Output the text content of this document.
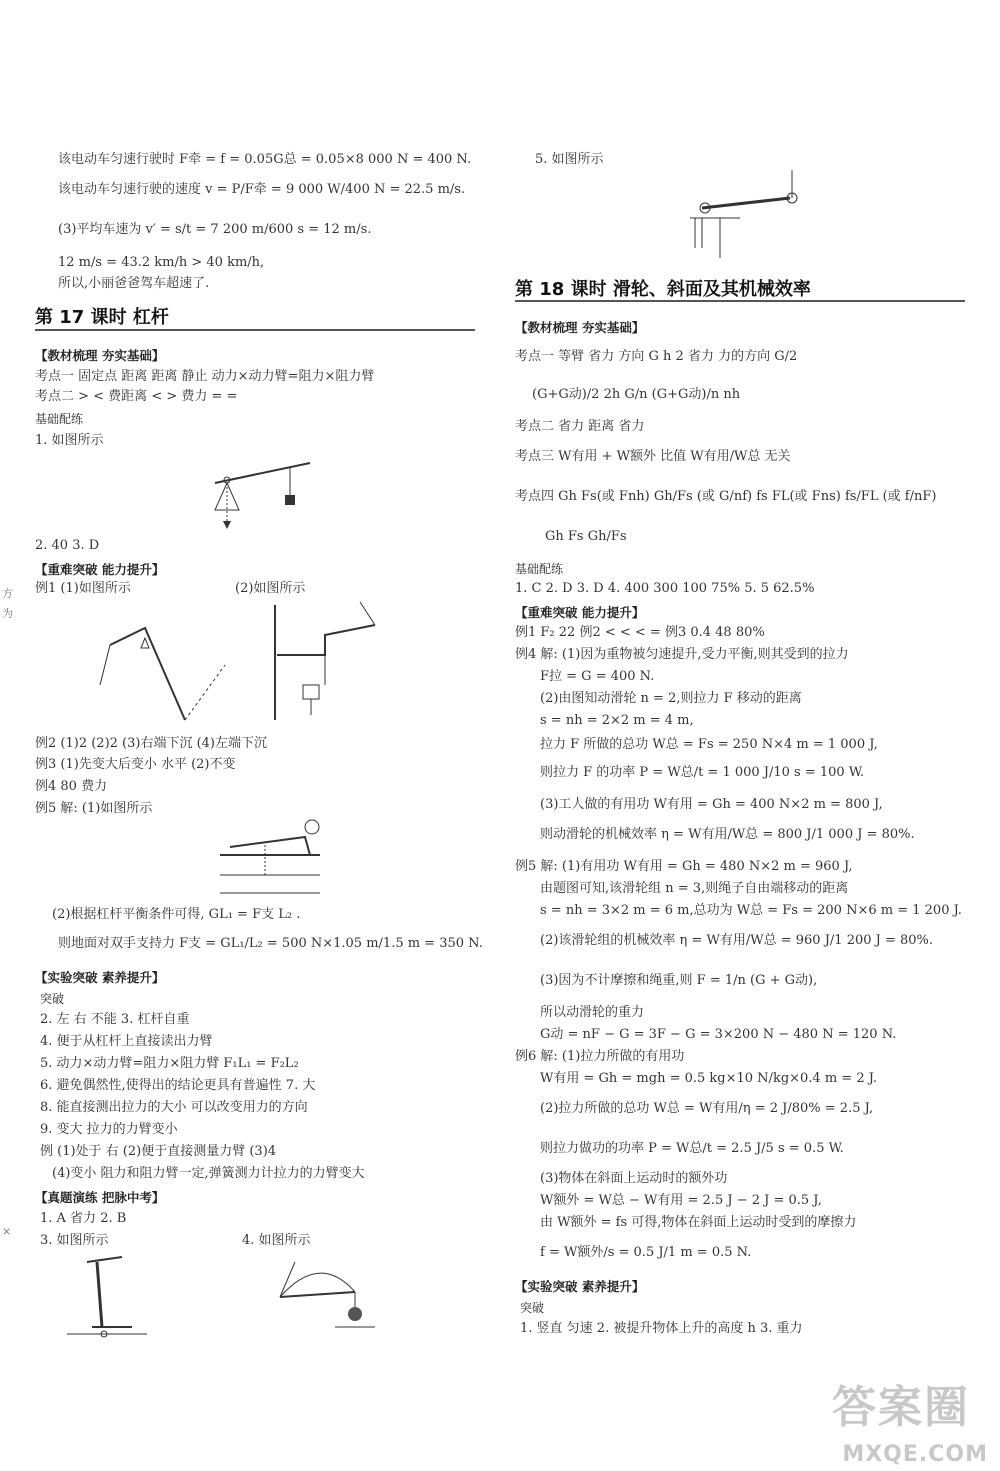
该电动车匀速行驶时 F牵 = f = 0.05G总 = 0.05×8 000 N = 400 N.
该电动车匀速行驶的速度 v = P/F牵 = 9 000 W/400 N = 22.5 m/s.
(3)平均车速为 v′ = s/t = 7 200 m/600 s = 12 m/s.
12 m/s = 43.2 km/h > 40 km/h,
所以,小丽爸爸驾车超速了.
第 17 课时 杠杆
【教材梳理 夯实基础】
考点一 固定点 距离 距离 静止 动力×动力臂=阻力×阻力臂
考点二 > < 费距离 < > 费力 = =
基础配练
1. 如图所示
2. 40 3. D
【重难突破 能力提升】
例1 (1)如图所示	(2)如图所示
例2 (1)2 (2)2 (3)右端下沉 (4)左端下沉
例3 (1)先变大后变小 水平 (2)不变
例4 80 费力
例5 解: (1)如图所示
(2)根据杠杆平衡条件可得, GL₁ = F支 L₂ .
则地面对双手支持力 F支 = GL₁/L₂ = 500 N×1.05 m/1.5 m = 350 N.
【实验突破 素养提升】
突破
2. 左 右 不能 3. 杠杆自重
4. 便于从杠杆上直接读出力臂
5. 动力×动力臂=阻力×阻力臂 F₁L₁ = F₂L₂
6. 避免偶然性,使得出的结论更具有普遍性 7. 大
8. 能直接测出拉力的大小 可以改变用力的方向
9. 变大 拉力的力臂变小
例 (1)处于 右 (2)便于直接测量力臂 (3)4
(4)变小 阻力和阻力臂一定,弹簧测力计拉力的力臂变大
【真题演练 把脉中考】
1. A 省力 2. B
3. 如图所示	4. 如图所示
方
为
×
5. 如图所示
第 18 课时 滑轮、斜面及其机械效率
【教材梳理 夯实基础】
考点一 等臂 省力 方向 G h 2 省力 力的方向 G/2
(G+G动)/2 2h G/n (G+G动)/n nh
考点二 省力 距离 省力
考点三 W有用 + W额外 比值 W有用/W总 无关
考点四 Gh Fs(或 Fnh) Gh/Fs (或 G/nf) fs FL(或 Fns) fs/FL (或 f/nF)
Gh Fs Gh/Fs
基础配练
1. C 2. D 3. D 4. 400 300 100 75% 5. 5 62.5%
【重难突破 能力提升】
例1 F₂ 22 例2 < < < = 例3 0.4 48 80%
例4 解: (1)因为重物被匀速提升,受力平衡,则其受到的拉力
F拉 = G = 400 N.
(2)由图知动滑轮 n = 2,则拉力 F 移动的距离
s = nh = 2×2 m = 4 m,
拉力 F 所做的总功 W总 = Fs = 250 N×4 m = 1 000 J,
则拉力 F 的功率 P = W总/t = 1 000 J/10 s = 100 W.
(3)工人做的有用功 W有用 = Gh = 400 N×2 m = 800 J,
则动滑轮的机械效率 η = W有用/W总 = 800 J/1 000 J = 80%.
例5 解: (1)有用功 W有用 = Gh = 480 N×2 m = 960 J,
由题图可知,该滑轮组 n = 3,则绳子自由端移动的距离
s = nh = 3×2 m = 6 m,总功为 W总 = Fs = 200 N×6 m = 1 200 J.
(2)该滑轮组的机械效率 η = W有用/W总 = 960 J/1 200 J = 80%.
(3)因为不计摩擦和绳重,则 F = 1/n (G + G动),
所以动滑轮的重力
G动 = nF − G = 3F − G = 3×200 N − 480 N = 120 N.
例6 解: (1)拉力所做的有用功
W有用 = Gh = mgh = 0.5 kg×10 N/kg×0.4 m = 2 J.
(2)拉力所做的总功 W总 = W有用/η = 2 J/80% = 2.5 J,
则拉力做功的功率 P = W总/t = 2.5 J/5 s = 0.5 W.
(3)物体在斜面上运动时的额外功
W额外 = W总 − W有用 = 2.5 J − 2 J = 0.5 J,
由 W额外 = fs 可得,物体在斜面上运动时受到的摩擦力
f = W额外/s = 0.5 J/1 m = 0.5 N.
【实验突破 素养提升】
突破
1. 竖直 匀速 2. 被提升物体上升的高度 h 3. 重力
答案圈
MXQE.COM
